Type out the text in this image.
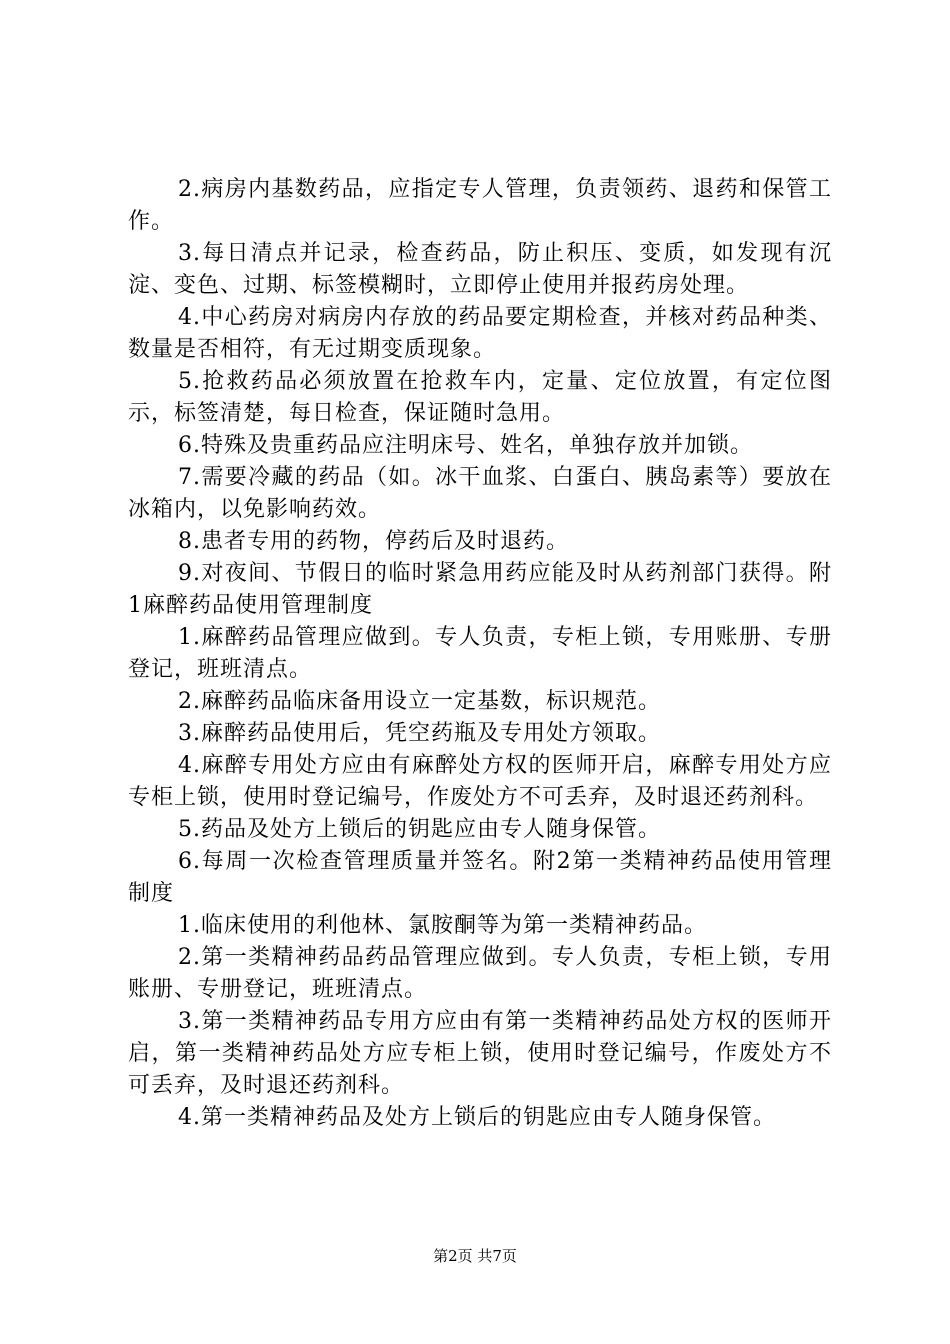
2.病房内基数药品，应指定专人管理，负责领药、退药和保管工作。

3.每日清点并记录，检查药品，防止积压、变质，如发现有沉淀、变色、过期、标签模糊时，立即停止使用并报药房处理。

4.中心药房对病房内存放的药品要定期检查，并核对药品种类、数量是否相符，有无过期变质现象。

5.抢救药品必须放置在抢救车内，定量、定位放置，有定位图示，标签清楚，每日检查，保证随时急用。

6.特殊及贵重药品应注明床号、姓名，单独存放并加锁。

7.需要冷藏的药品（如。冰干血浆、白蛋白、胰岛素等）要放在冰箱内，以免影响药效。

8.患者专用的药物，停药后及时退药。

9.对夜间、节假日的临时紧急用药应能及时从药剂部门获得。附1麻醉药品使用管理制度

1.麻醉药品管理应做到。专人负责，专柜上锁，专用账册、专册登记，班班清点。

2.麻醉药品临床备用设立一定基数，标识规范。

3.麻醉药品使用后，凭空药瓶及专用处方领取。

4.麻醉专用处方应由有麻醉处方权的医师开启，麻醉专用处方应专柜上锁，使用时登记编号，作废处方不可丢弃，及时退还药剂科。

5.药品及处方上锁后的钥匙应由专人随身保管。

6.每周一次检查管理质量并签名。附2第一类精神药品使用管理制度

1.临床使用的利他林、氯胺酮等为第一类精神药品。

2.第一类精神药品药品管理应做到。专人负责，专柜上锁，专用账册、专册登记，班班清点。

3.第一类精神药品专用方应由有第一类精神药品处方权的医师开启，第一类精神药品处方应专柜上锁，使用时登记编号，作废处方不可丢弃，及时退还药剂科。

4.第一类精神药品及处方上锁后的钥匙应由专人随身保管。

第2页 共7页
